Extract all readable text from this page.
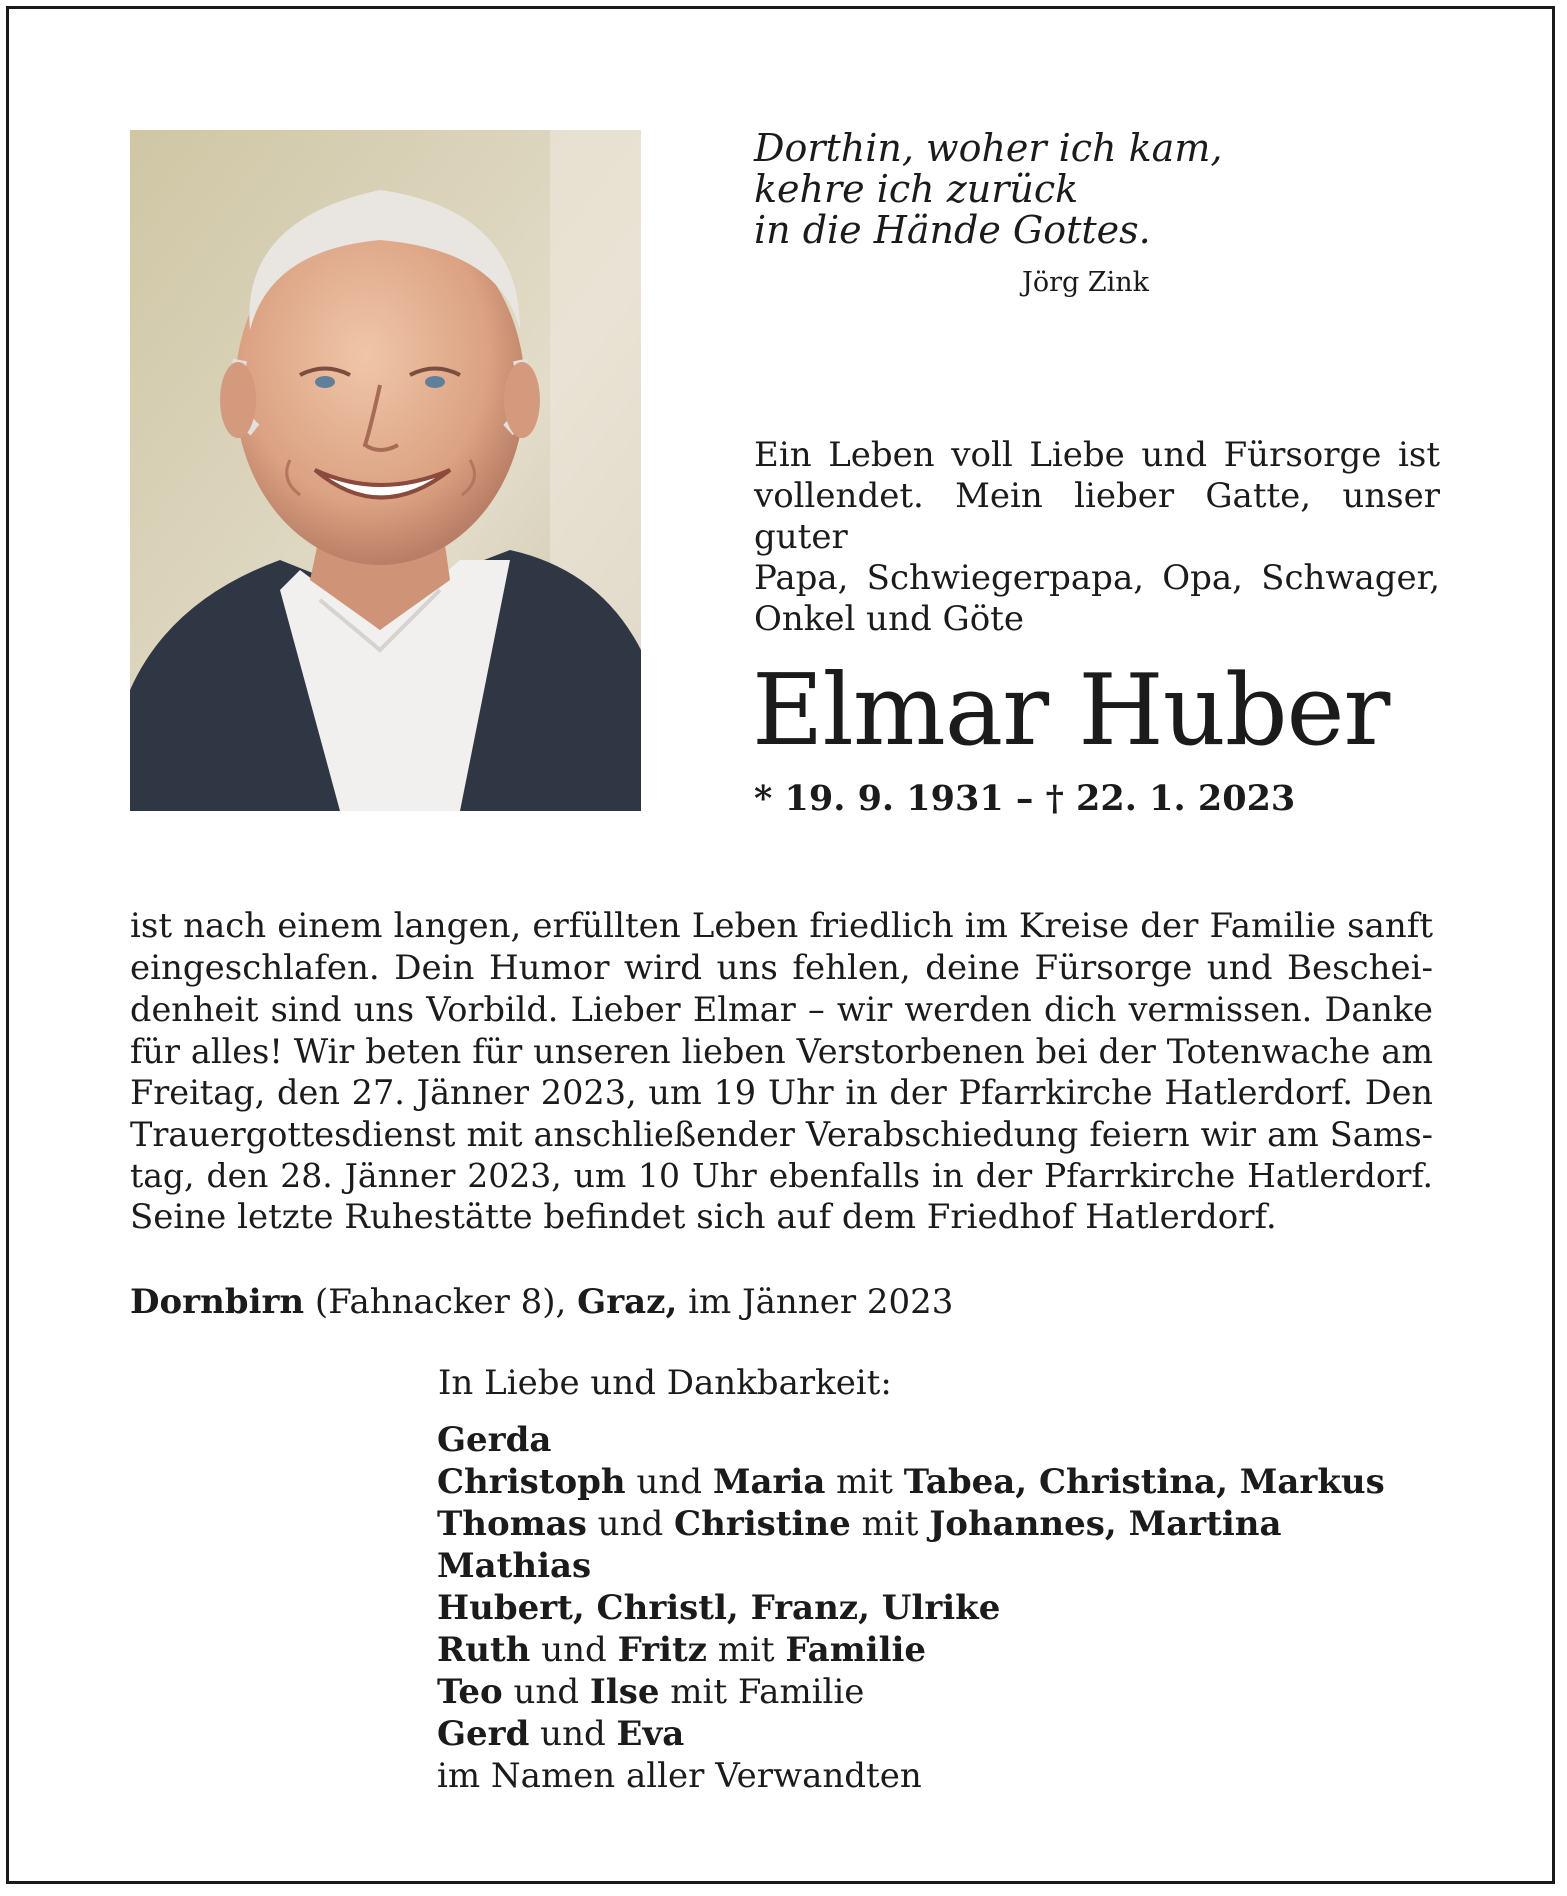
Dorthin, woher ich kam,
kehre ich zurück
in die Hände Gottes.
Jörg Zink
Ein Leben voll Liebe und Fürsorge ist
vollendet. Mein lieber Gatte, unser guter
Papa, Schwiegerpapa, Opa, Schwager,
Onkel und Göte
Elmar Huber
* 19. 9. 1931 – † 22. 1. 2023
ist nach einem langen, erfüllten Leben friedlich im Kreise der Familie sanft
eingeschlafen. Dein Humor wird uns fehlen, deine Fürsorge und Beschei-
denheit sind uns Vorbild. Lieber Elmar – wir werden dich vermissen. Danke
für alles! Wir beten für unseren lieben Verstorbenen bei der Totenwache am
Freitag, den 27. Jänner 2023, um 19 Uhr in der Pfarrkirche Hatlerdorf. Den
Trauergottesdienst mit anschließender Verabschiedung feiern wir am Sams-
tag, den 28. Jänner 2023, um 10 Uhr ebenfalls in der Pfarrkirche Hatlerdorf.
Seine letzte Ruhestätte befindet sich auf dem Friedhof Hatlerdorf.
Dornbirn (Fahnacker 8), Graz, im Jänner 2023
In Liebe und Dankbarkeit:
Gerda
Christoph und Maria mit Tabea, Christina, Markus
Thomas und Christine mit Johannes, Martina
Mathias
Hubert, Christl, Franz, Ulrike
Ruth und Fritz mit Familie
Teo und Ilse mit Familie
Gerd und Eva
im Namen aller Verwandten
